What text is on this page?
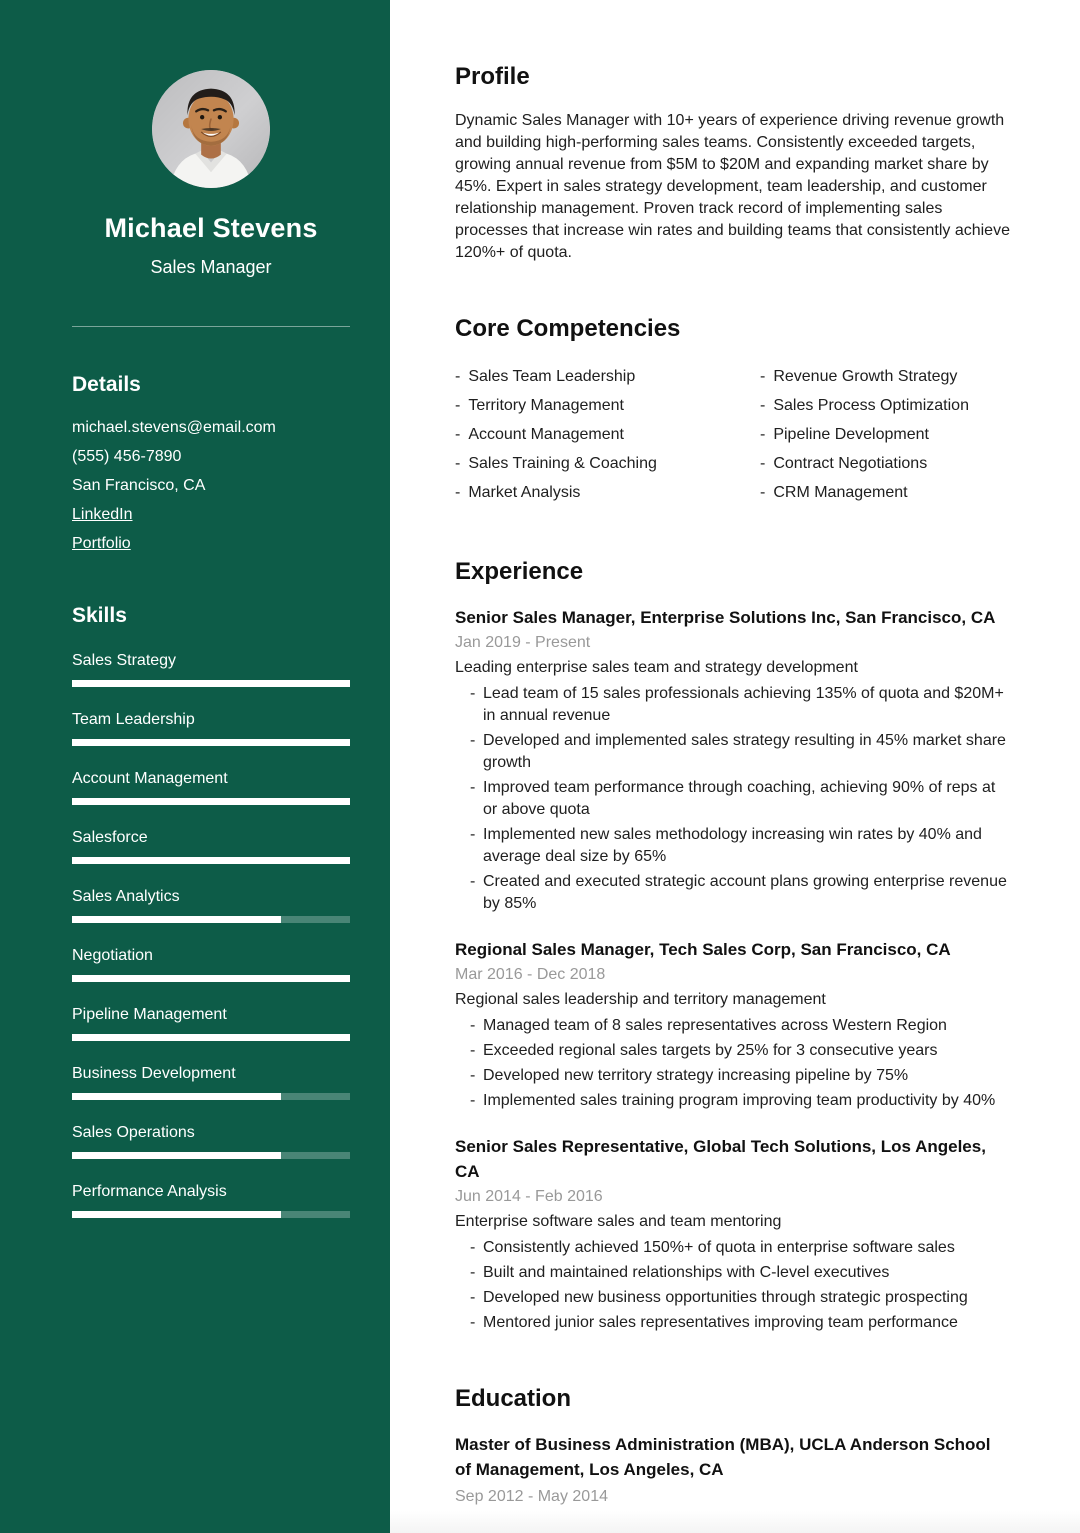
Michael Stevens
Sales Manager
Details
michael.stevens@email.com
(555) 456-7890
San Francisco, CA
LinkedIn
Portfolio
Skills
Sales Strategy
Team Leadership
Account Management
Salesforce
Sales Analytics
Negotiation
Pipeline Management
Business Development
Sales Operations
Performance Analysis
Profile

Dynamic Sales Manager with 10+ years of experience driving revenue growth and building high-performing sales teams. Consistently exceeded targets, growing annual revenue from $5M to $20M and expanding market share by 45%. Expert in sales strategy development, team leadership, and customer relationship management. Proven track record of implementing sales processes that increase win rates and building teams that consistently achieve 120%+ of quota.

Core Competencies
- Sales Team Leadership
- Territory Management
- Account Management
- Sales Training & Coaching
- Market Analysis
- Revenue Growth Strategy
- Sales Process Optimization
- Pipeline Development
- Contract Negotiations
- CRM Management
Experience
Senior Sales Manager, Enterprise Solutions Inc, San Francisco, CA
Jan 2019 - Present
Leading enterprise sales team and strategy development
- Lead team of 15 sales professionals achieving 135% of quota and $20M+ in annual revenue
- Developed and implemented sales strategy resulting in 45% market share growth
- Improved team performance through coaching, achieving 90% of reps at or above quota
- Implemented new sales methodology increasing win rates by 40% and average deal size by 65%
- Created and executed strategic account plans growing enterprise revenue by 85%
Regional Sales Manager, Tech Sales Corp, San Francisco, CA
Mar 2016 - Dec 2018
Regional sales leadership and territory management
- Managed team of 8 sales representatives across Western Region
- Exceeded regional sales targets by 25% for 3 consecutive years
- Developed new territory strategy increasing pipeline by 75%
- Implemented sales training program improving team productivity by 40%
Senior Sales Representative, Global Tech Solutions, Los Angeles, CA
Jun 2014 - Feb 2016
Enterprise software sales and team mentoring
- Consistently achieved 150%+ of quota in enterprise software sales
- Built and maintained relationships with C-level executives
- Developed new business opportunities through strategic prospecting
- Mentored junior sales representatives improving team performance
Education
Master of Business Administration (MBA), UCLA Anderson School of Management, Los Angeles, CA
Sep 2012 - May 2014
